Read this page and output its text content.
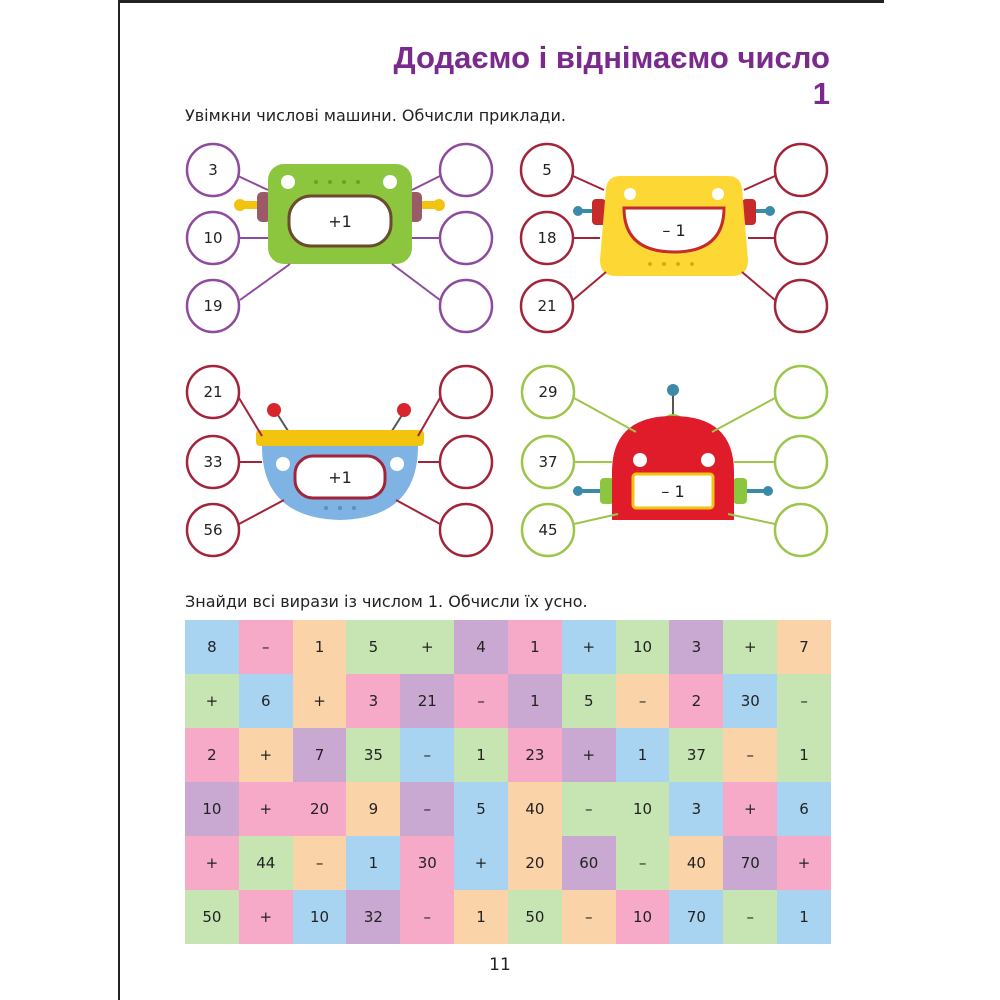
Додаємо і віднімаємо число 1
Увімкни числові машини. Обчисли приклади.
3
10
19
+1
5
18
21
– 1
21
33
56
+1
29
37
45
– 1
Знайди всі вирази із числом 1. Обчисли їх усно.
8	–	1	5	+	4	1	+	10	3	+	7
+	6	+	3	21	–	1	5	–	2	30	–
2	+	7	35	–	1	23	+	1	37	–	1
10	+	20	9	–	5	40	–	10	3	+	6
+	44	–	1	30	+	20	60	–	40	70	+
50	+	10	32	–	1	50	–	10	70	–	1
11
